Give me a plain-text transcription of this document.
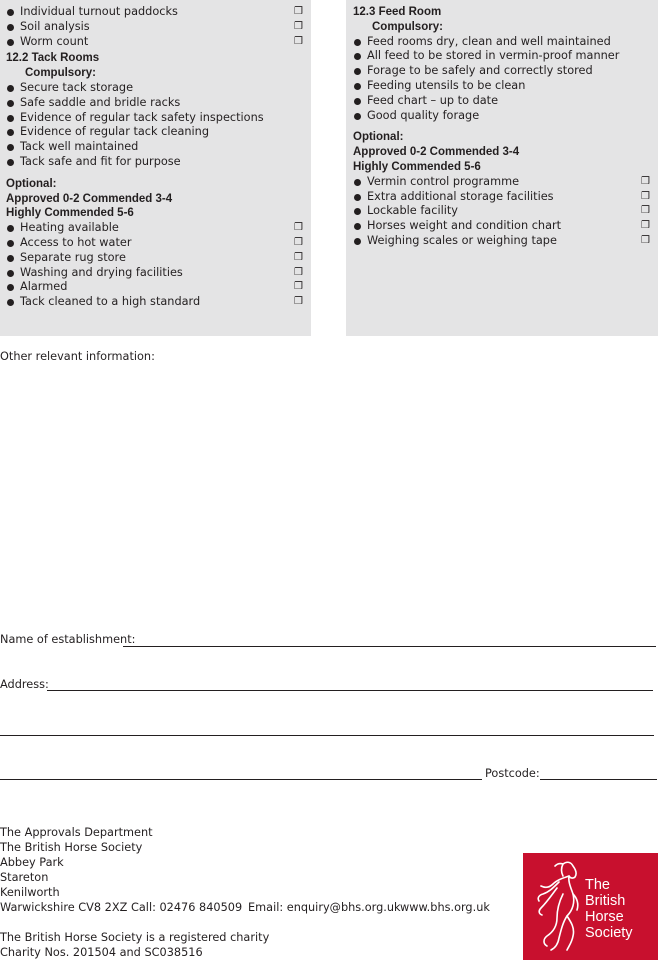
Individual turnout paddocks	❒
Soil analysis	❒
Worm count	❒
12.2 Tack Rooms
Compulsory:
Secure tack storage
Safe saddle and bridle racks
Evidence of regular tack safety inspections
Evidence of regular tack cleaning
Tack well maintained
Tack safe and fit for purpose
Optional:
Approved 0-2 Commended 3-4
Highly Commended 5-6
Heating available	❒
Access to hot water	❒
Separate rug store	❒
Washing and drying facilities	❒
Alarmed	❒
Tack cleaned to a high standard	❒
12.3 Feed Room
Compulsory:
Feed rooms dry, clean and well maintained
All feed to be stored in vermin-proof manner
Forage to be safely and correctly stored
Feeding utensils to be clean
Feed chart – up to date
Good quality forage
Optional:
Approved 0-2 Commended 3-4
Highly Commended 5-6
Vermin control programme	❒
Extra additional storage facilities	❒
Lockable facility	❒
Horses weight and condition chart	❒
Weighing scales or weighing tape	❒
Other relevant information:
Name of establishment:
Address:
Postcode:
The Approvals Department
The British Horse Society
Abbey Park
Stareton
Kenilworth
Warwickshire CV8 2XZ Call: 02476 840509 Email: enquiry@bhs.org.uk www.bhs.org.uk
The British Horse Society is a registered charity
Charity Nos. 201504 and SC038516
The
British
Horse
Society
